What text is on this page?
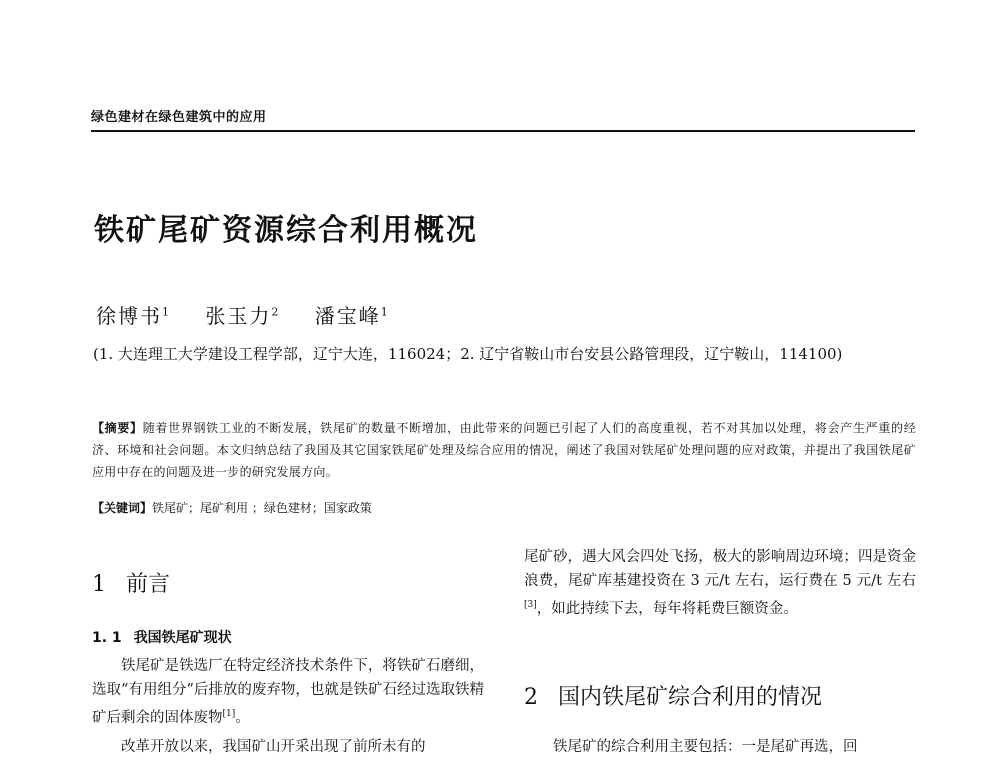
绿色建材在绿色建筑中的应用
铁矿尾矿资源综合利用概况
徐博书$^1$ 张玉力$^2$ 潘宝峰$^1$
(1. 大连理工大学建设工程学部，辽宁大连，116024；2. 辽宁省鞍山市台安县公路管理段，辽宁鞍山，114100)
【摘要】随着世界钢铁工业的不断发展，铁尾矿的数量不断增加，由此带来的问题已引起了人们的高度重视，若不对其加以处理，将会产生严重的经济、环境和社会问题。本文归纳总结了我国及其它国家铁尾矿处理及综合应用的情况，阐述了我国对铁尾矿处理问题的应对政策，并提出了我国铁尾矿应用中存在的问题及进一步的研究发展方向。
【关键词】铁尾矿；尾矿利用 ；绿色建材；国家政策
1 前言
1. 1 我国铁尾矿现状

铁尾矿是铁选厂在特定经济技术条件下，将铁矿石磨细，选取“有用组分”后排放的废弃物，也就是铁矿石经过选取铁精矿后剩余的固体废物[1]。

改革开放以来，我国矿山开采出现了前所未有的

尾矿砂，遇大风会四处飞扬，极大的影响周边环境；四是资金浪费，尾矿库基建投资在 3 元/t 左右，运行费在 5 元/t 左右[3]，如此持续下去，每年将耗费巨额资金。

2 国内铁尾矿综合利用的情况

铁尾矿的综合利用主要包括：一是尾矿再选，回
